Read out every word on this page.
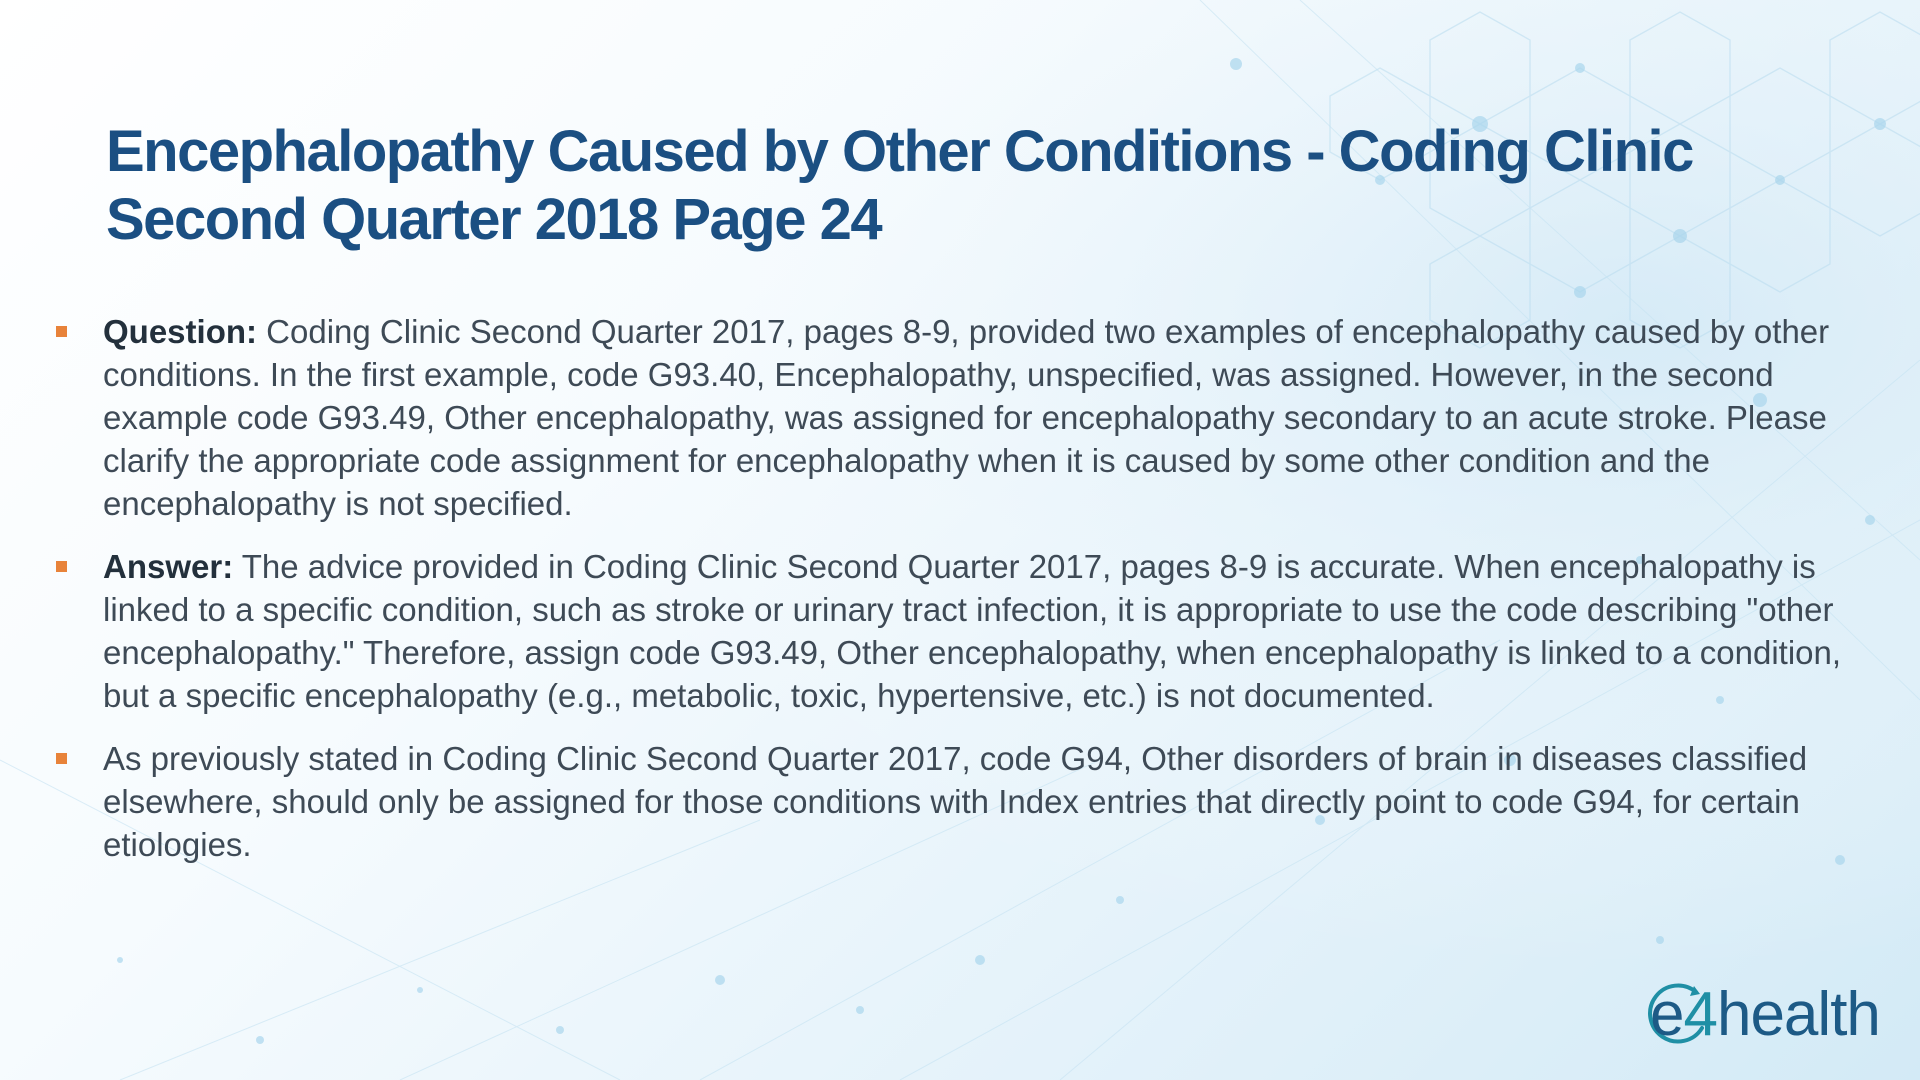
Encephalopathy Caused by Other Conditions - Coding Clinic Second Quarter 2018 Page 24
Question: Coding Clinic Second Quarter 2017, pages 8-9, provided two examples of encephalopathy caused by other conditions. In the first example, code G93.40, Encephalopathy, unspecified, was assigned. However, in the second example code G93.49, Other encephalopathy, was assigned for encephalopathy secondary to an acute stroke. Please clarify the appropriate code assignment for encephalopathy when it is caused by some other condition and the encephalopathy is not specified.
Answer: The advice provided in Coding Clinic Second Quarter 2017, pages 8-9 is accurate. When encephalopathy is linked to a specific condition, such as stroke or urinary tract infection, it is appropriate to use the code describing "other encephalopathy." Therefore, assign code G93.49, Other encephalopathy, when encephalopathy is linked to a condition, but a specific encephalopathy (e.g., metabolic, toxic, hypertensive, etc.) is not documented.
As previously stated in Coding Clinic Second Quarter 2017, code G94, Other disorders of brain in diseases classified elsewhere, should only be assigned for those conditions with Index entries that directly point to code G94, for certain etiologies.
e4health
